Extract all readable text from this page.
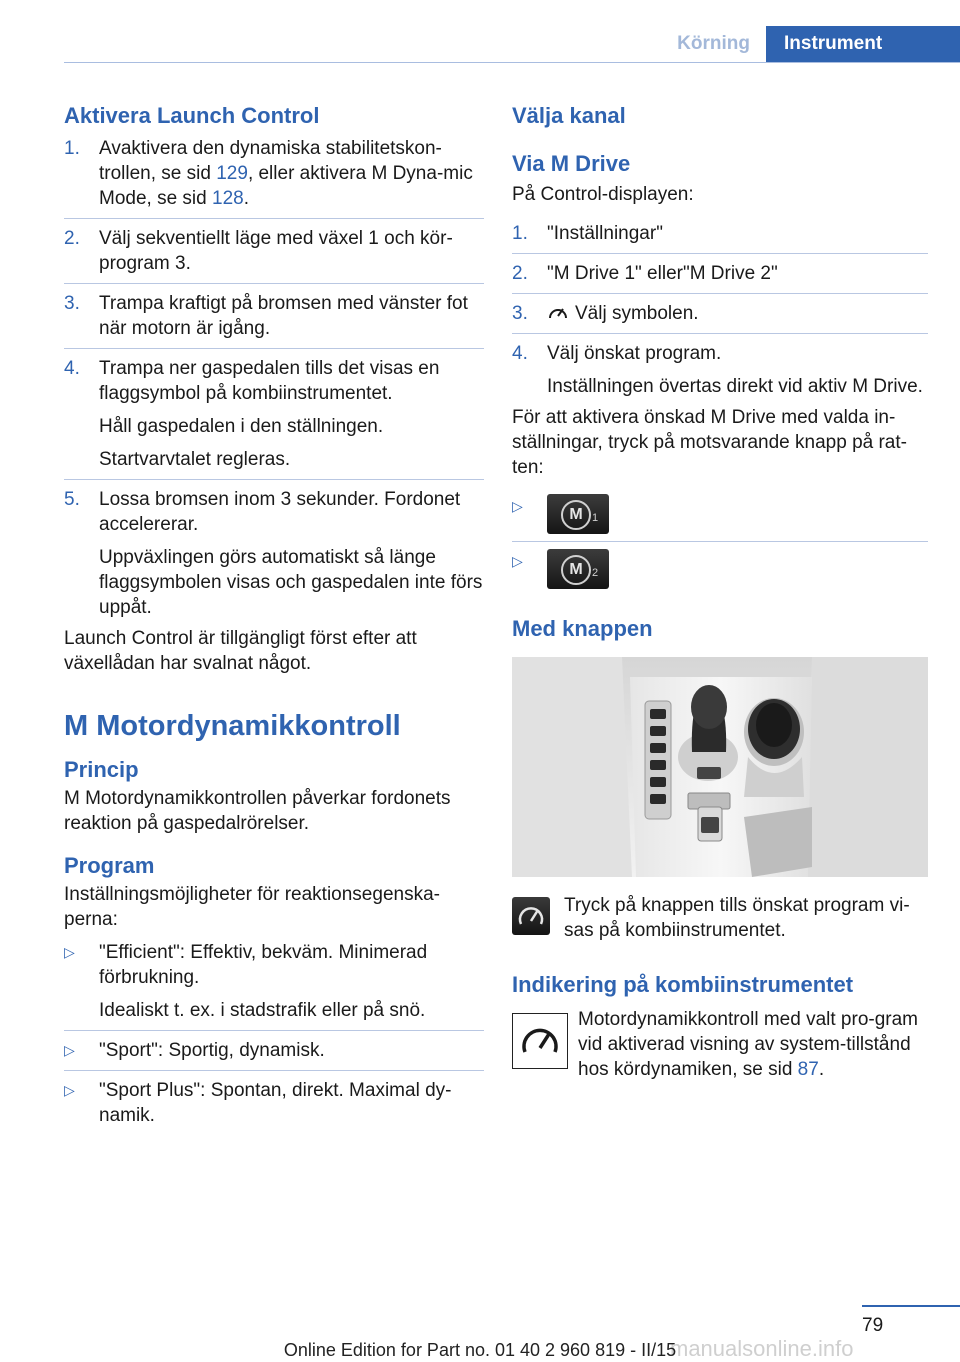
Körning	Instrument
Aktivera Launch Control
1. Avaktivera den dynamiska stabilitetskon-trollen, se sid 129, eller aktivera M Dyna-mic Mode, se sid 128.

2. Välj sekventiellt läge med växel 1 och kör-program 3.

3. Trampa kraftigt på bromsen med vänster fot när motorn är igång.

4. Trampa ner gaspedalen tills det visas en flaggsymbol på kombiinstrumentet.

Håll gaspedalen i den ställningen.

Startvarvtalet regleras.

5. Lossa bromsen inom 3 sekunder. Fordonet accelererar.

Uppväxlingen görs automatiskt så länge flaggsymbolen visas och gaspedalen inte förs uppåt.

Launch Control är tillgängligt först efter att växellådan har svalnat något.

M Motordynamikkontroll
Princip

M Motordynamikkontrollen påverkar fordonets reaktion på gaspedalrörelser.

Program

Inställningsmöjligheter för reaktionsegenska-perna:

▷ "Efficient": Effektiv, bekväm. Minimerad förbrukning.

Idealiskt t. ex. i stadstrafik eller på snö.

▷ "Sport": Sportig, dynamisk.

▷ "Sport Plus": Spontan, direkt. Maximal dy-namik.

Välja kanal
Via M Drive

På Control-displayen:

1. "Inställningar"

2. "M Drive 1" eller"M Drive 2"

3.	Välj symbolen.

4. Välj önskat program.

Inställningen övertas direkt vid aktiv M Drive.

För att aktivera önskad M Drive med valda in-ställningar, tryck på motsvarande knapp på rat-ten:

▷	M 1
▷	M 2
Med knappen

Tryck på knappen tills önskat program vi-sas på kombiinstrumentet.

Indikering på kombiinstrumentet

Motordynamikkontroll med valt pro-gram vid aktiverad visning av system-tillstånd hos kördynamiken, se sid 87.

79
manualsonline.info
Online Edition for Part no. 01 40 2 960 819 - II/15
